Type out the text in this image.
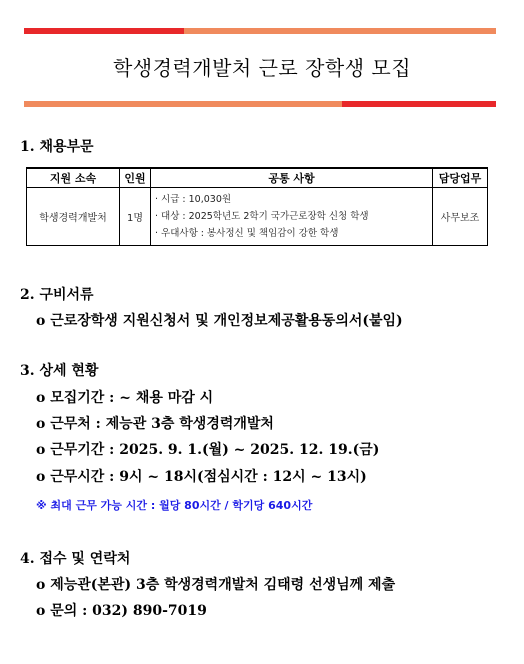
학생경력개발처 근로 장학생 모집
1. 채용부문
지원 소속	인원	공통 사항	담당업무
학생경력개발처	1명	· 시급 : 10,030원
· 대상 : 2025학년도 2학기 국가근로장학 신청 학생
· 우대사항 : 봉사정신 및 책임감이 강한 학생	사무보조
2. 구비서류
o 근로장학생 지원신청서 및 개인정보제공활용동의서(붙임)
3. 상세 현황
o 모집기간 : ~ 채용 마감 시
o 근무처 : 제능관 3층 학생경력개발처
o 근무기간 : 2025. 9. 1.(월) ~ 2025. 12. 19.(금)
o 근무시간 : 9시 ~ 18시(점심시간 : 12시 ~ 13시)
※ 최대 근무 가능 시간 : 월당 80시간 / 학기당 640시간
4. 접수 및 연락처
o 제능관(본관) 3층 학생경력개발처 김태령 선생님께 제출
o 문의 : 032) 890-7019
